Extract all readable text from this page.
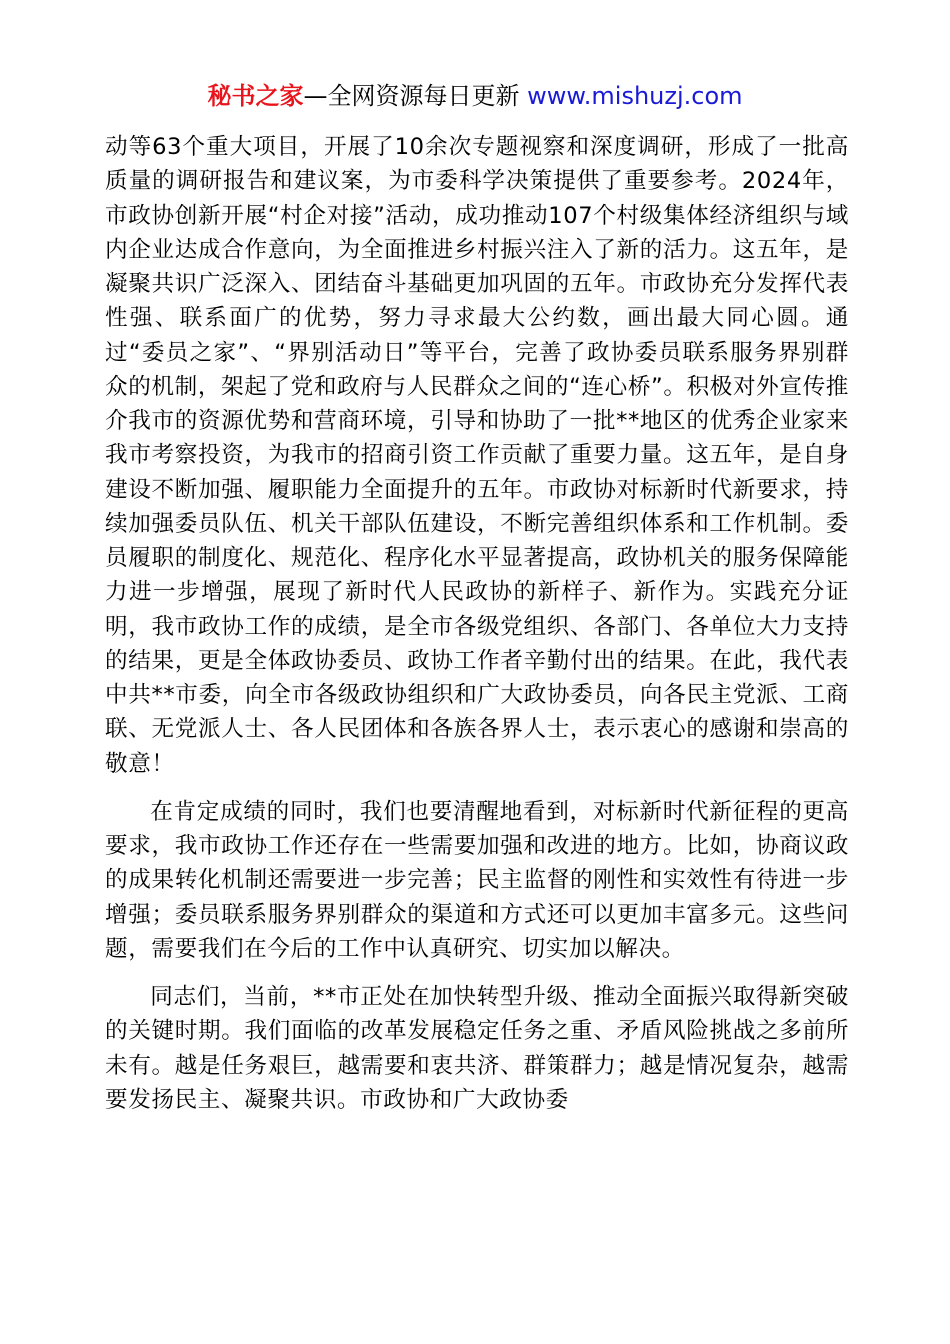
秘书之家—全网资源每日更新 www.mishuzj.com

动等63个重大项目，开展了10余次专题视察和深度调研，形成了一批高质量的调研报告和建议案，为市委科学决策提供了重要参考。2024年，市政协创新开展“村企对接”活动，成功推动107个村级集体经济组织与域内企业达成合作意向，为全面推进乡村振兴注入了新的活力。这五年，是凝聚共识广泛深入、团结奋斗基础更加巩固的五年。市政协充分发挥代表性强、联系面广的优势，努力寻求最大公约数，画出最大同心圆。通过“委员之家”、“界别活动日”等平台，完善了政协委员联系服务界别群众的机制，架起了党和政府与人民群众之间的“连心桥”。积极对外宣传推介我市的资源优势和营商环境，引导和协助了一批**地区的优秀企业家来我市考察投资，为我市的招商引资工作贡献了重要力量。这五年，是自身建设不断加强、履职能力全面提升的五年。市政协对标新时代新要求，持续加强委员队伍、机关干部队伍建设，不断完善组织体系和工作机制。委员履职的制度化、规范化、程序化水平显著提高，政协机关的服务保障能力进一步增强，展现了新时代人民政协的新样子、新作为。实践充分证明，我市政协工作的成绩，是全市各级党组织、各部门、各单位大力支持的结果，更是全体政协委员、政协工作者辛勤付出的结果。在此，我代表中共**市委，向全市各级政协组织和广大政协委员，向各民主党派、工商联、无党派人士、各人民团体和各族各界人士，表示衷心的感谢和崇高的敬意！

在肯定成绩的同时，我们也要清醒地看到，对标新时代新征程的更高要求，我市政协工作还存在一些需要加强和改进的地方。比如，协商议政的成果转化机制还需要进一步完善；民主监督的刚性和实效性有待进一步增强；委员联系服务界别群众的渠道和方式还可以更加丰富多元。这些问题，需要我们在今后的工作中认真研究、切实加以解决。

同志们，当前，**市正处在加快转型升级、推动全面振兴取得新突破的关键时期。我们面临的改革发展稳定任务之重、矛盾风险挑战之多前所未有。越是任务艰巨，越需要和衷共济、群策群力；越是情况复杂，越需要发扬民主、凝聚共识。市政协和广大政协委
